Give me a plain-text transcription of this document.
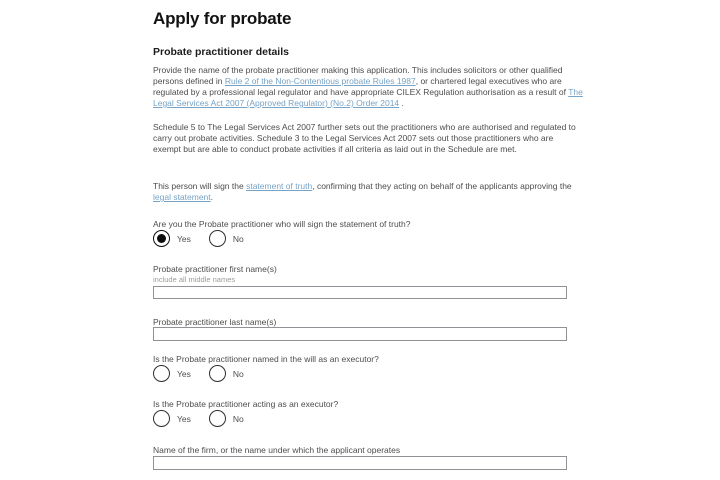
Apply for probate
Probate practitioner details

Provide the name of the probate practitioner making this application. This includes solicitors or other qualified persons defined in Rule 2 of the Non-Contentious probate Rules 1987, or chartered legal executives who are regulated by a professional legal regulator and have appropriate CILEX Regulation authorisation as a result of The Legal Services Act 2007 (Approved Regulator) (No.2) Order 2014 .

Schedule 5 to The Legal Services Act 2007 further sets out the practitioners who are authorised and regulated to carry out probate activities. Schedule 3 to the Legal Services Act 2007 sets out those practitioners who are exempt but are able to conduct probate activities if all criteria as laid out in the Schedule are met.

This person will sign the statement of truth, confirming that they acting on behalf of the applicants approving the legal statement.

Are you the Probate practitioner who will sign the statement of truth?
Yes	No
Probate practitioner first name(s)
include all middle names
Probate practitioner last name(s)
Is the Probate practitioner named in the will as an executor?
Yes	No
Is the Probate practitioner acting as an executor?
Yes	No
Name of the firm, or the name under which the applicant operates
